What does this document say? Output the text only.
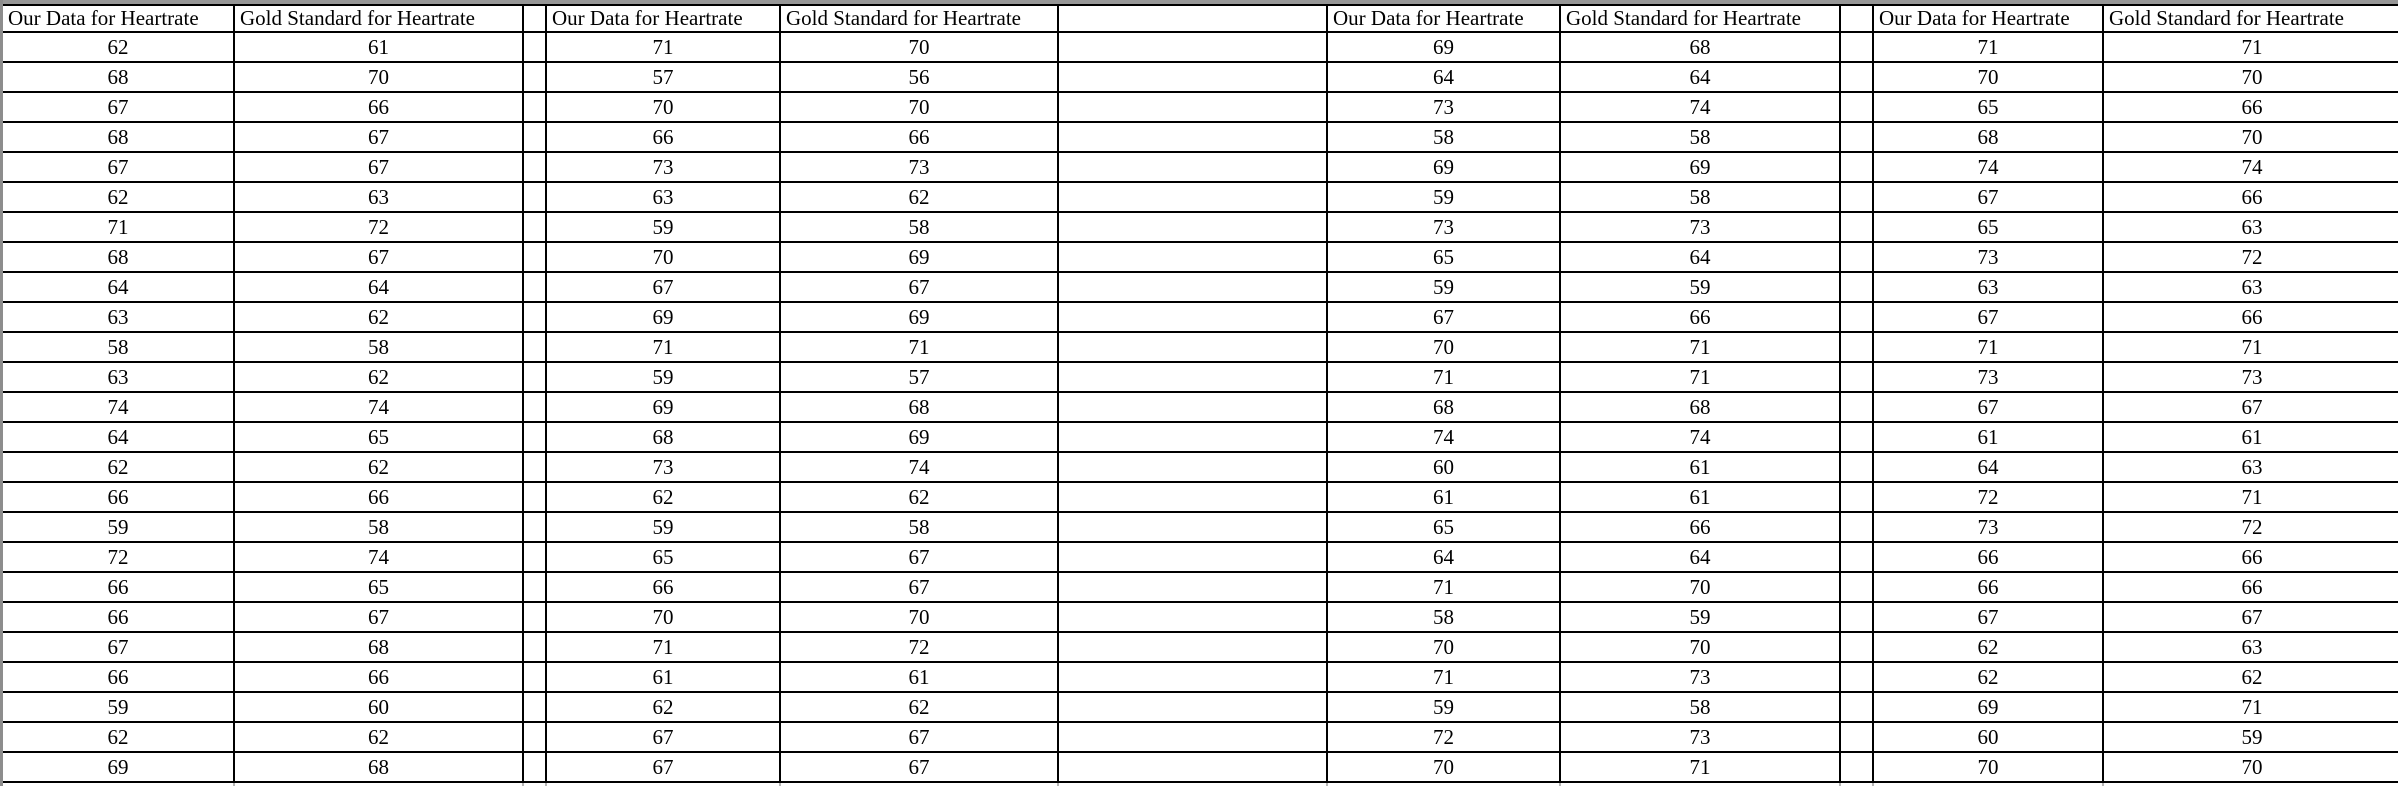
Our Data for Heartrate	Gold Standard for Heartrate		Our Data for Heartrate	Gold Standard for Heartrate		Our Data for Heartrate	Gold Standard for Heartrate		Our Data for Heartrate	Gold Standard for Heartrate
62	61		71	70		69	68		71	71
68	70		57	56		64	64		70	70
67	66		70	70		73	74		65	66
68	67		66	66		58	58		68	70
67	67		73	73		69	69		74	74
62	63		63	62		59	58		67	66
71	72		59	58		73	73		65	63
68	67		70	69		65	64		73	72
64	64		67	67		59	59		63	63
63	62		69	69		67	66		67	66
58	58		71	71		70	71		71	71
63	62		59	57		71	71		73	73
74	74		69	68		68	68		67	67
64	65		68	69		74	74		61	61
62	62		73	74		60	61		64	63
66	66		62	62		61	61		72	71
59	58		59	58		65	66		73	72
72	74		65	67		64	64		66	66
66	65		66	67		71	70		66	66
66	67		70	70		58	59		67	67
67	68		71	72		70	70		62	63
66	66		61	61		71	73		62	62
59	60		62	62		59	58		69	71
62	62		67	67		72	73		60	59
69	68		67	67		70	71		70	70
